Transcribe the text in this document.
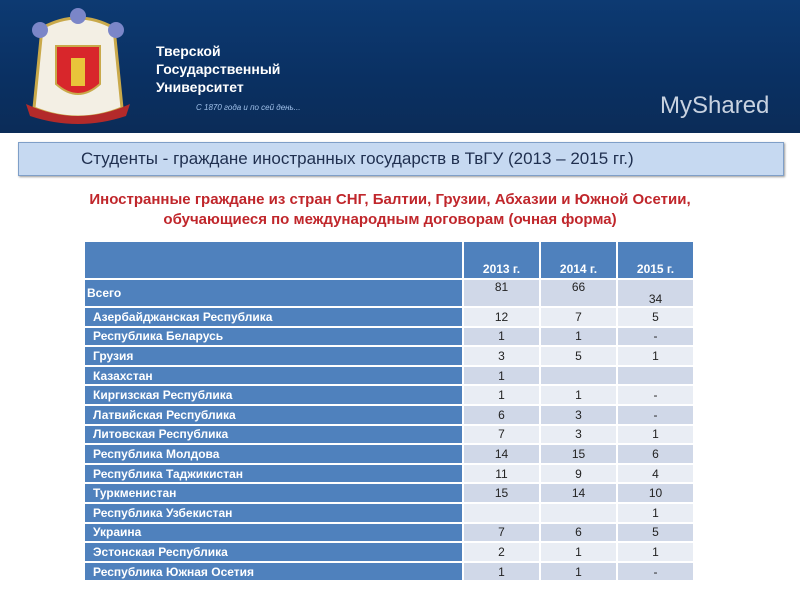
Тверской
Государственный
Университет
С 1870 года и по сей день...	MyShared
Студенты - граждане иностранных государств в ТвГУ (2013 – 2015 гг.)
Иностранные граждане из стран СНГ, Балтии, Грузии, Абхазии и Южной Осетии,
обучающиеся по международным договорам (очная форма)
	2013 г.	2014 г.	2015 г.
Всего	81	66	34
Азербайджанская Республика	12	7	5
Республика Беларусь	1	1	-
Грузия	3	5	1
Казахстан	1		
Киргизская Республика	1	1	-
Латвийская Республика	6	3	-
Литовская Республика	7	3	1
Республика Молдова	14	15	6
Республика Таджикистан	11	9	4
Туркменистан	15	14	10
Республика Узбекистан			1
Украина	7	6	5
Эстонская Республика	2	1	1
Республика Южная Осетия	1	1	-
